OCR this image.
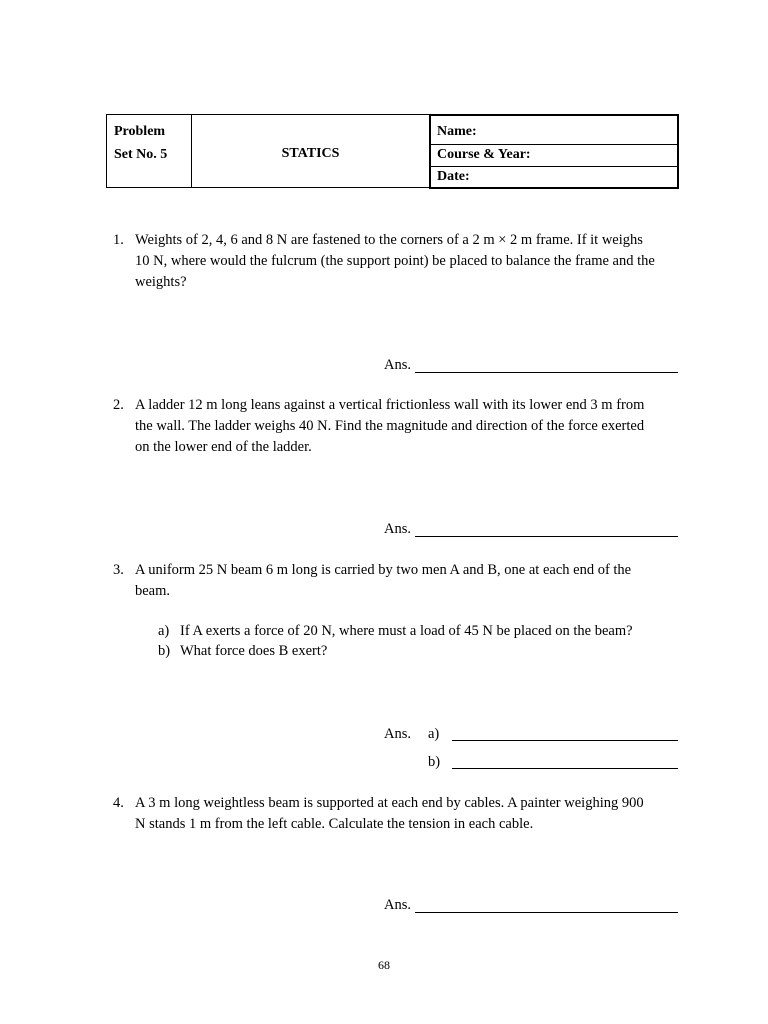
Problem
Set No. 5	STATICS
Name:
Course & Year:
Date:
1. Weights of 2, 4, 6 and 8 N are fastened to the corners of a 2 m × 2 m frame. If it weighs
10 N, where would the fulcrum (the support point) be placed to balance the frame and the
weights?
Ans.
2. A ladder 12 m long leans against a vertical frictionless wall with its lower end 3 m from
the wall. The ladder weighs 40 N. Find the magnitude and direction of the force exerted
on the lower end of the ladder.
Ans.
3. A uniform 25 N beam 6 m long is carried by two men A and B, one at each end of the
beam.
a) If A exerts a force of 20 N, where must a load of 45 N be placed on the beam?
b) What force does B exert?
Ans. a)
b)
4. A 3 m long weightless beam is supported at each end by cables. A painter weighing 900
N stands 1 m from the left cable. Calculate the tension in each cable.
Ans.
68
